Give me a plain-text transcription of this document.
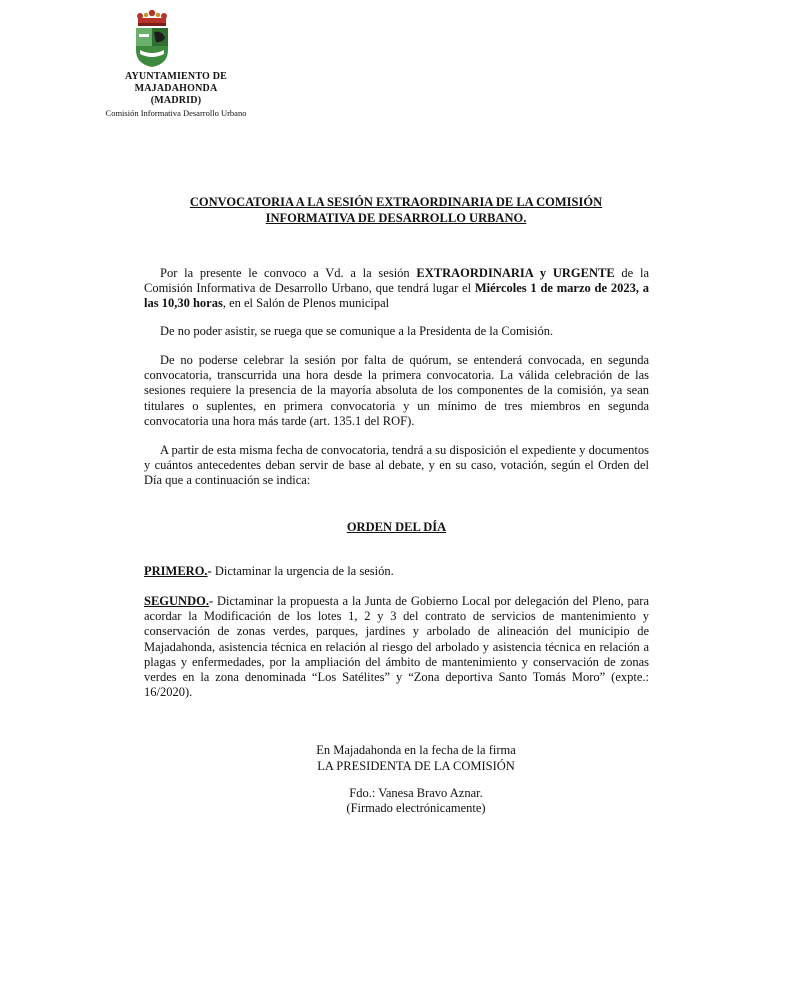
AYUNTAMIENTO DE
MAJADAHONDA
(MADRID)
Comisión Informativa Desarrollo Urbano
CONVOCATORIA A LA SESIÓN EXTRAORDINARIA DE LA COMISIÓN
INFORMATIVA DE DESARROLLO URBANO.
Por la presente le convoco a Vd. a la sesión EXTRAORDINARIA y URGENTE de la Comisión Informativa de Desarrollo Urbano, que tendrá lugar el Miércoles 1 de marzo de 2023, a las 10,30 horas, en el Salón de Plenos municipal
De no poder asistir, se ruega que se comunique a la Presidenta de la Comisión.
De no poderse celebrar la sesión por falta de quórum, se entenderá convocada, en segunda convocatoria, transcurrida una hora desde la primera convocatoria. La válida celebración de las sesiones requiere la presencia de la mayoría absoluta de los componentes de la comisión, ya sean titulares o suplentes, en primera convocatoria y un mínimo de tres miembros en segunda convocatoria una hora más tarde (art. 135.1 del ROF).
A partir de esta misma fecha de convocatoria, tendrá a su disposición el expediente y documentos y cuántos antecedentes deban servir de base al debate, y en su caso, votación, según el Orden del Día que a continuación se indica:
ORDEN DEL DÍA
PRIMERO.- Dictaminar la urgencia de la sesión.
SEGUNDO.- Dictaminar la propuesta a la Junta de Gobierno Local por delegación del Pleno, para acordar la Modificación de los lotes 1, 2 y 3 del contrato de servicios de mantenimiento y conservación de zonas verdes, parques, jardines y arbolado de alineación del municipio de Majadahonda, asistencia técnica en relación al riesgo del arbolado y asistencia técnica en relación a plagas y enfermedades, por la ampliación del ámbito de mantenimiento y conservación de zonas verdes en la zona denominada “Los Satélites” y “Zona deportiva Santo Tomás Moro” (expte.: 16/2020).
En Majadahonda en la fecha de la firma
LA PRESIDENTA DE LA COMISIÓN
Fdo.: Vanesa Bravo Aznar.
(Firmado electrónicamente)
